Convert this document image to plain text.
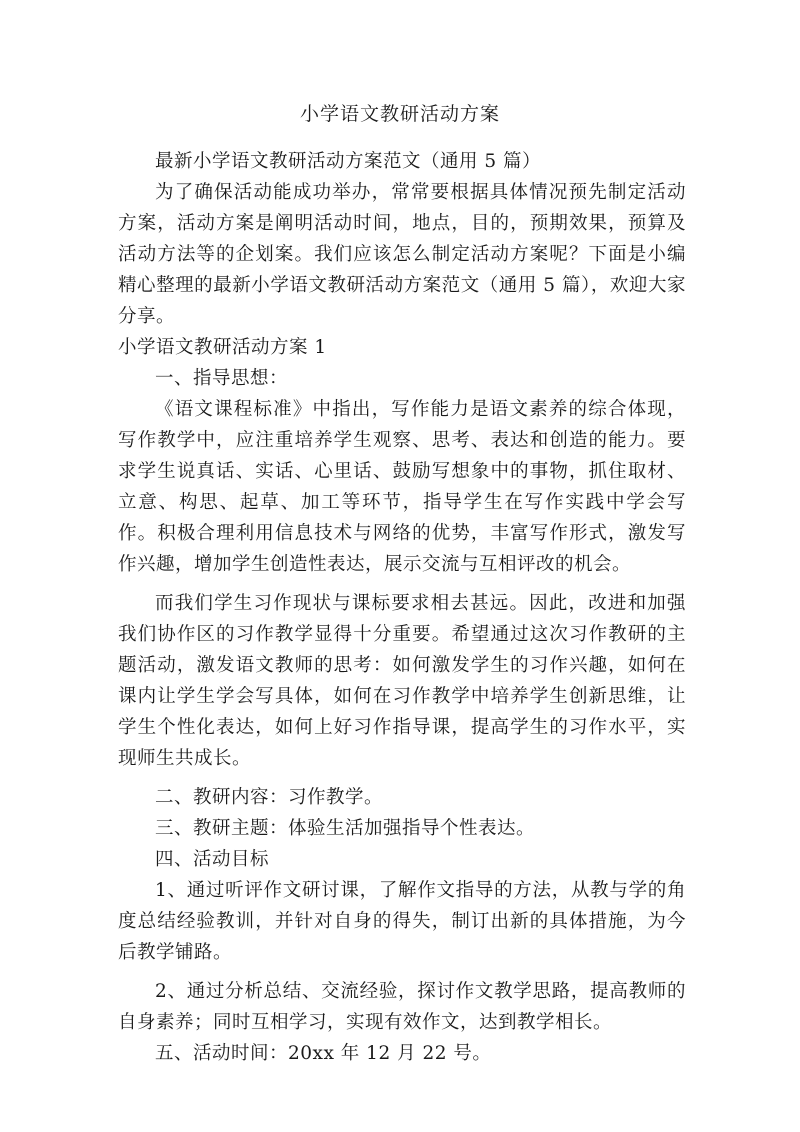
小学语文教研活动方案

最新小学语文教研活动方案范文（通用 5 篇）

为了确保活动能成功举办，常常要根据具体情况预先制定活动方案，活动方案是阐明活动时间，地点，目的，预期效果，预算及活动方法等的企划案。我们应该怎么制定活动方案呢？下面是小编精心整理的最新小学语文教研活动方案范文（通用 5 篇），欢迎大家分享。

小学语文教研活动方案 1

一、指导思想：

《语文课程标准》中指出，写作能力是语文素养的综合体现，写作教学中，应注重培养学生观察、思考、表达和创造的能力。要求学生说真话、实话、心里话、鼓励写想象中的事物，抓住取材、立意、构思、起草、加工等环节，指导学生在写作实践中学会写作。积极合理利用信息技术与网络的优势，丰富写作形式，激发写作兴趣，增加学生创造性表达，展示交流与互相评改的机会。

而我们学生习作现状与课标要求相去甚远。因此，改进和加强我们协作区的习作教学显得十分重要。希望通过这次习作教研的主题活动，激发语文教师的思考：如何激发学生的习作兴趣，如何在课内让学生学会写具体，如何在习作教学中培养学生创新思维，让学生个性化表达，如何上好习作指导课，提高学生的习作水平，实现师生共成长。

二、教研内容：习作教学。

三、教研主题：体验生活加强指导个性表达。

四、活动目标

1、通过听评作文研讨课，了解作文指导的方法，从教与学的角度总结经验教训，并针对自身的得失，制订出新的具体措施，为今后教学铺路。

2、通过分析总结、交流经验，探讨作文教学思路，提高教师的自身素养；同时互相学习，实现有效作文，达到教学相长。

五、活动时间：20xx 年 12 月 22 号。
